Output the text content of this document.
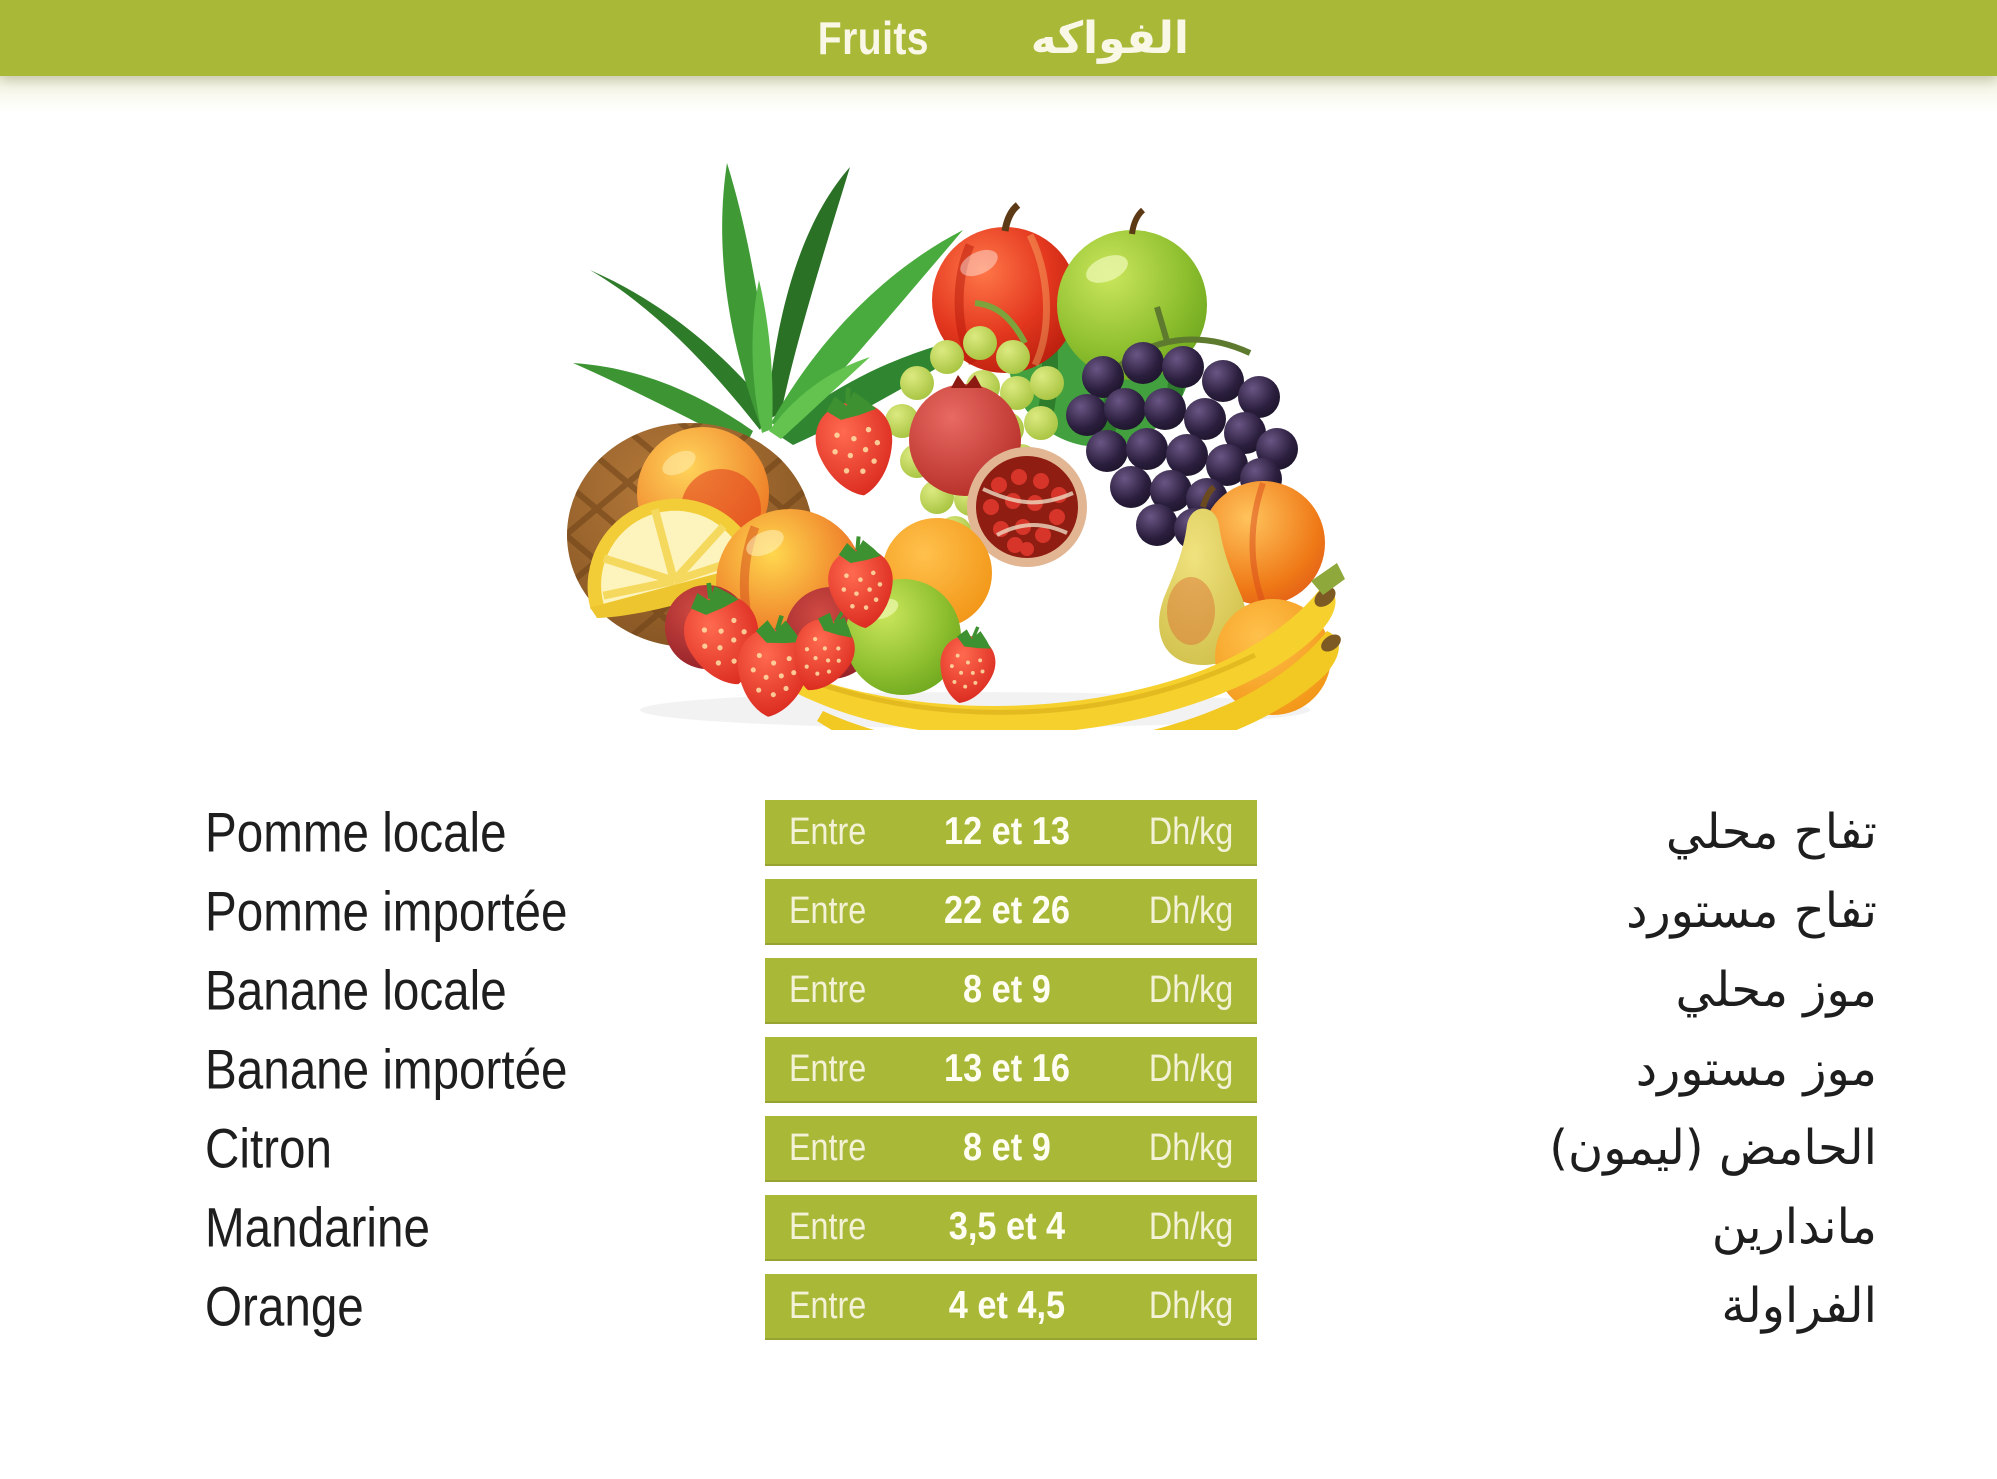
Fruits الفواكه
Pomme locale	Entre	12 et 13	Dh/kg	تفاح محلي
Pomme importée	Entre	22 et 26	Dh/kg	تفاح مستورد
Banane locale	Entre	8 et 9	Dh/kg	موز محلي
Banane importée	Entre	13 et 16	Dh/kg	موز مستورد
Citron	Entre	8 et 9	Dh/kg	الحامض (ليمون)
Mandarine	Entre	3,5 et 4	Dh/kg	ماندارين
Orange	Entre	4 et 4,5	Dh/kg	الفراولة
